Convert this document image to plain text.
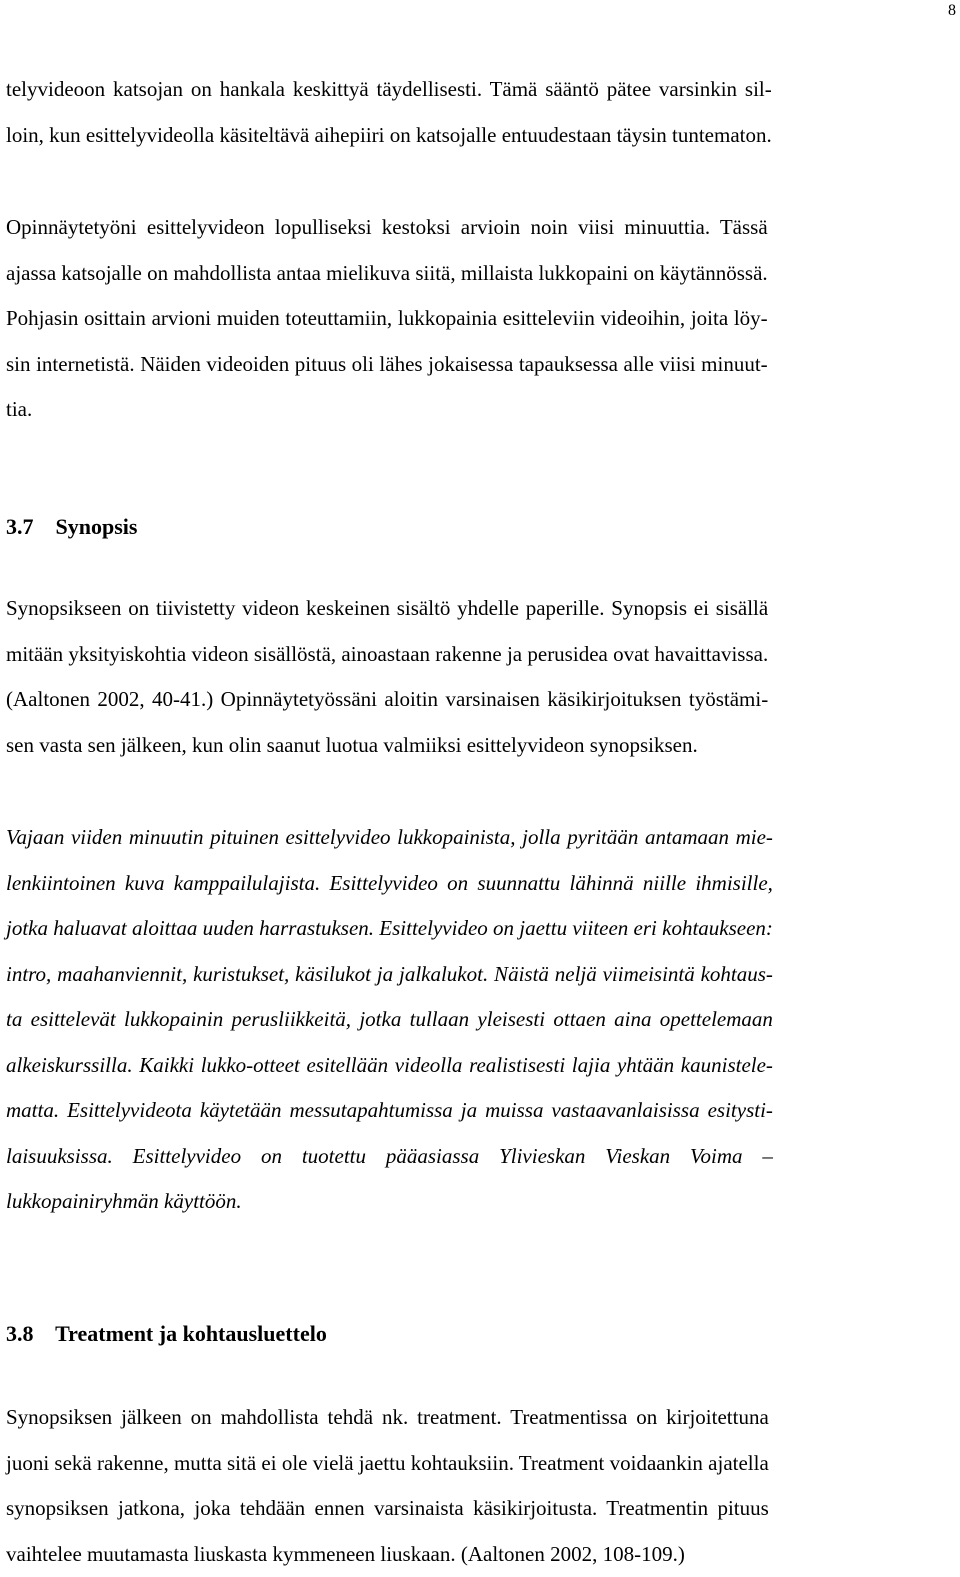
8
telyvideoon katsojan on hankala keskittyä täydellisesti. Tämä sääntö pätee varsinkin sil-
loin, kun esittelyvideolla käsiteltävä aihepiiri on katsojalle entuudestaan täysin tuntematon.
Opinnäytetyöni esittelyvideon lopulliseksi kestoksi arvioin noin viisi minuuttia. Tässä
ajassa katsojalle on mahdollista antaa mielikuva siitä, millaista lukkopaini on käytännössä.
Pohjasin osittain arvioni muiden toteuttamiin, lukkopainia esitteleviin videoihin, joita löy-
sin internetistä. Näiden videoiden pituus oli lähes jokaisessa tapauksessa alle viisi minuut-
tia.
3.7 Synopsis
Synopsikseen on tiivistetty videon keskeinen sisältö yhdelle paperille. Synopsis ei sisällä
mitään yksityiskohtia videon sisällöstä, ainoastaan rakenne ja perusidea ovat havaittavissa.
(Aaltonen 2002, 40-41.) Opinnäytetyössäni aloitin varsinaisen käsikirjoituksen työstämi-
sen vasta sen jälkeen, kun olin saanut luotua valmiiksi esittelyvideon synopsiksen.
Vajaan viiden minuutin pituinen esittelyvideo lukkopainista, jolla pyritään antamaan mie-
lenkiintoinen kuva kamppailulajista. Esittelyvideo on suunnattu lähinnä niille ihmisille,
jotka haluavat aloittaa uuden harrastuksen. Esittelyvideo on jaettu viiteen eri kohtaukseen:
intro, maahanviennit, kuristukset, käsilukot ja jalkalukot. Näistä neljä viimeisintä kohtaus-
ta esittelevät lukkopainin perusliikkeitä, jotka tullaan yleisesti ottaen aina opettelemaan
alkeiskurssilla. Kaikki lukko-otteet esitellään videolla realistisesti lajia yhtään kaunistele-
matta. Esittelyvideota käytetään messutapahtumissa ja muissa vastaavanlaisissa esitysti-
laisuuksissa. Esittelyvideo on tuotettu pääasiassa Ylivieskan Vieskan Voima –
lukkopainiryhmän käyttöön.
3.8 Treatment ja kohtausluettelo
Synopsiksen jälkeen on mahdollista tehdä nk. treatment. Treatmentissa on kirjoitettuna
juoni sekä rakenne, mutta sitä ei ole vielä jaettu kohtauksiin. Treatment voidaankin ajatella
synopsiksen jatkona, joka tehdään ennen varsinaista käsikirjoitusta. Treatmentin pituus
vaihtelee muutamasta liuskasta kymmeneen liuskaan. (Aaltonen 2002, 108-109.)
